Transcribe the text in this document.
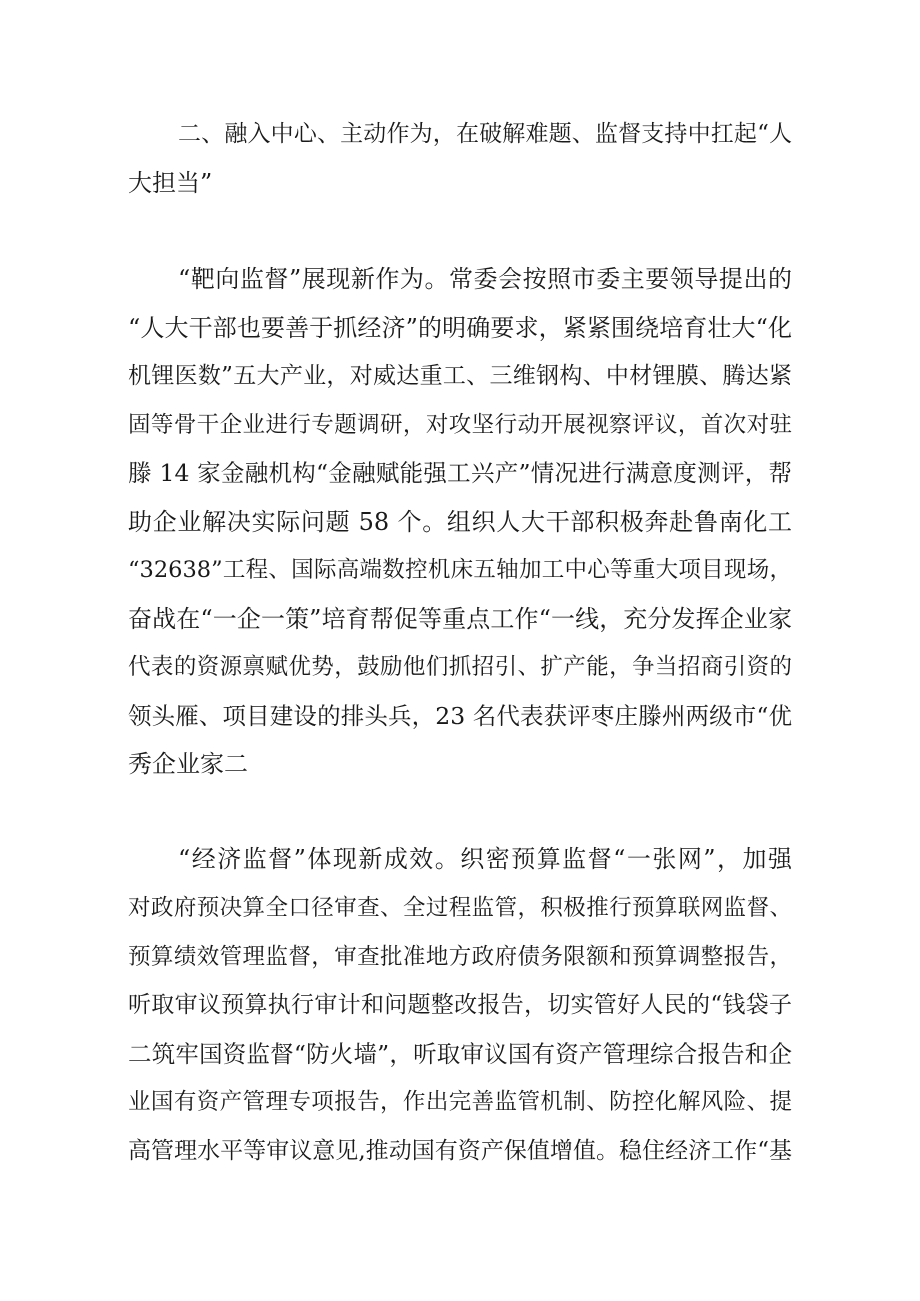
二、融入中心、主动作为，在破解难题、监督支持中扛起“人
大担当”
“靶向监督”展现新作为。常委会按照市委主要领导提出的
“人大干部也要善于抓经济”的明确要求，紧紧围绕培育壮大“化
机锂医数”五大产业，对威达重工、三维钢构、中材锂膜、腾达紧
固等骨干企业进行专题调研，对攻坚行动开展视察评议，首次对驻
滕 14 家金融机构“金融赋能强工兴产”情况进行满意度测评，帮
助企业解决实际问题 58 个。组织人大干部积极奔赴鲁南化工
“32638”工程、国际高端数控机床五轴加工中心等重大项目现场，
奋战在“一企一策”培育帮促等重点工作“一线，充分发挥企业家
代表的资源禀赋优势，鼓励他们抓招引、扩产能，争当招商引资的
领头雁、项目建设的排头兵，23 名代表获评枣庄滕州两级市“优
秀企业家二
“经济监督”体现新成效。织密预算监督“一张网”，加强
对政府预决算全口径审查、全过程监管，积极推行预算联网监督、
预算绩效管理监督，审查批准地方政府债务限额和预算调整报告，
听取审议预算执行审计和问题整改报告，切实管好人民的“钱袋子
二筑牢国资监督“防火墙”，听取审议国有资产管理综合报告和企
业国有资产管理专项报告，作出完善监管机制、防控化解风险、提
高管理水平等审议意见,推动国有资产保值增值。稳住经济工作“基
